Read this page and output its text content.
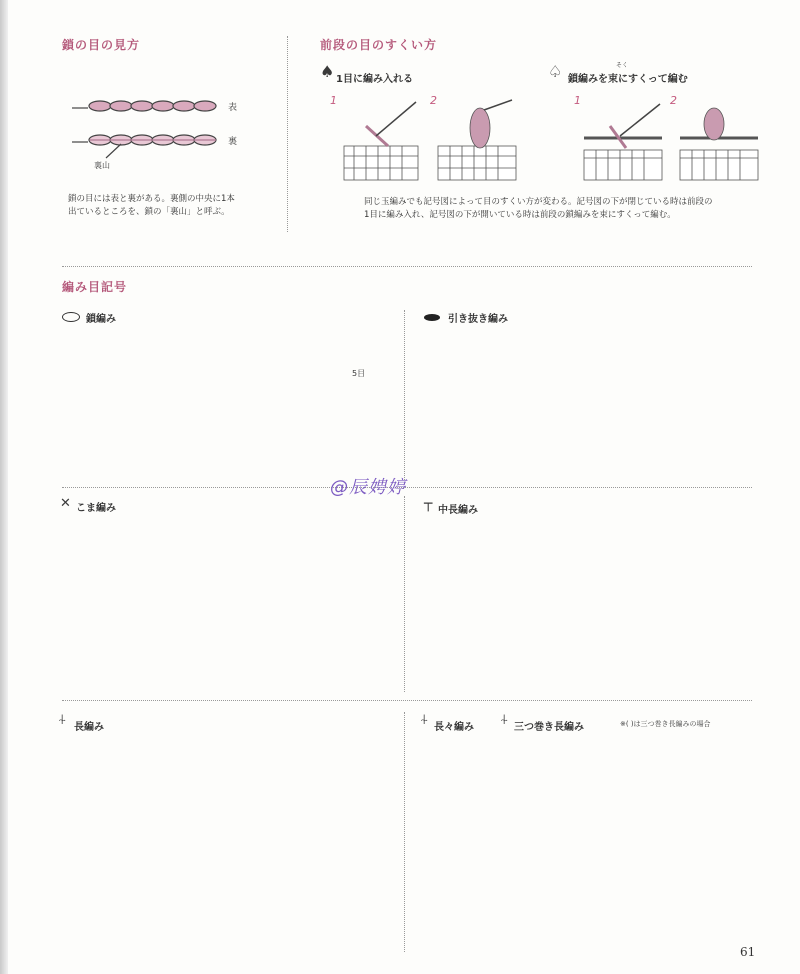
鎖の目の見方
表
裏
裏山
鎖の目には表と裏がある。裏側の中央に1本
出ているところを、鎖の「裏山」と呼ぶ。
前段の目のすくい方
1目に編み入れる
♠	♤ 鎖編みを束にすくって編む
そく
1	2	1	2
同じ玉編みでも記号図によって目のすくい方が変わる。記号図の下が閉じている時は前段の
1目に編み入れ、記号図の下が開いている時は前段の鎖編みを束にすくって編む。
編み目記号
鎖編み
5目
引き抜き編み
@辰娉婷
✕ こま編み	┬ 中長編み
⍭ 長編み	⍭ 長々編み ⍭ 三つ巻き長編み	※( )は三つ巻き長編みの場合
61
